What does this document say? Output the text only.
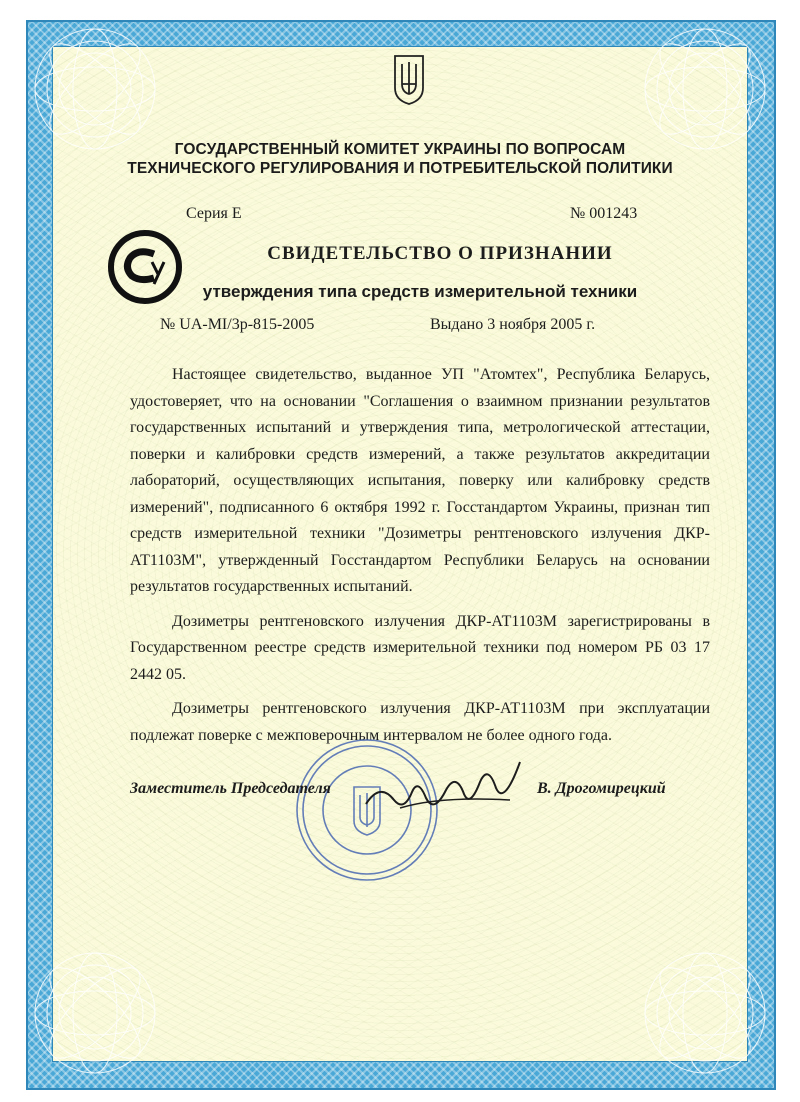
ГОСУДАРСТВЕННЫЙ КОМИТЕТ УКРАИНЫ ПО ВОПРОСАМ
ТЕХНИЧЕСКОГО РЕГУЛИРОВАНИЯ И ПОТРЕБИТЕЛЬСКОЙ ПОЛИТИКИ
Серия Е	№ 001243
СВИДЕТЕЛЬСТВО О ПРИЗНАНИИ
утверждения типа средств измерительной техники
№ UA-MI/3р-815-2005	Выдано 3 ноября 2005 г.

Настоящее свидетельство, выданное УП "Атомтех", Республика Беларусь, удостоверяет, что на основании "Соглашения о взаимном признании результатов государственных испытаний и утверждения типа, метрологической аттестации, поверки и калибровки средств измерений, а также результатов аккредитации лабораторий, осуществляющих испытания, поверку или калибровку средств измерений", подписанного 6 октября 1992 г. Госстандартом Украины, признан тип средств измерительной техники "Дозиметры рентгеновского излучения ДКР-АТ1103М", утвержденный Госстандартом Республики Беларусь на основании результатов государственных испытаний.

Дозиметры рентгеновского излучения ДКР-АТ1103М зарегистрированы в Государственном реестре средств измерительной техники под номером РБ 03 17 2442 05.

Дозиметры рентгеновского излучения ДКР-АТ1103М при эксплуатации подлежат поверке с межповерочным интервалом не более одного года.

Заместитель Председателя	В. Дрогомирецкий
